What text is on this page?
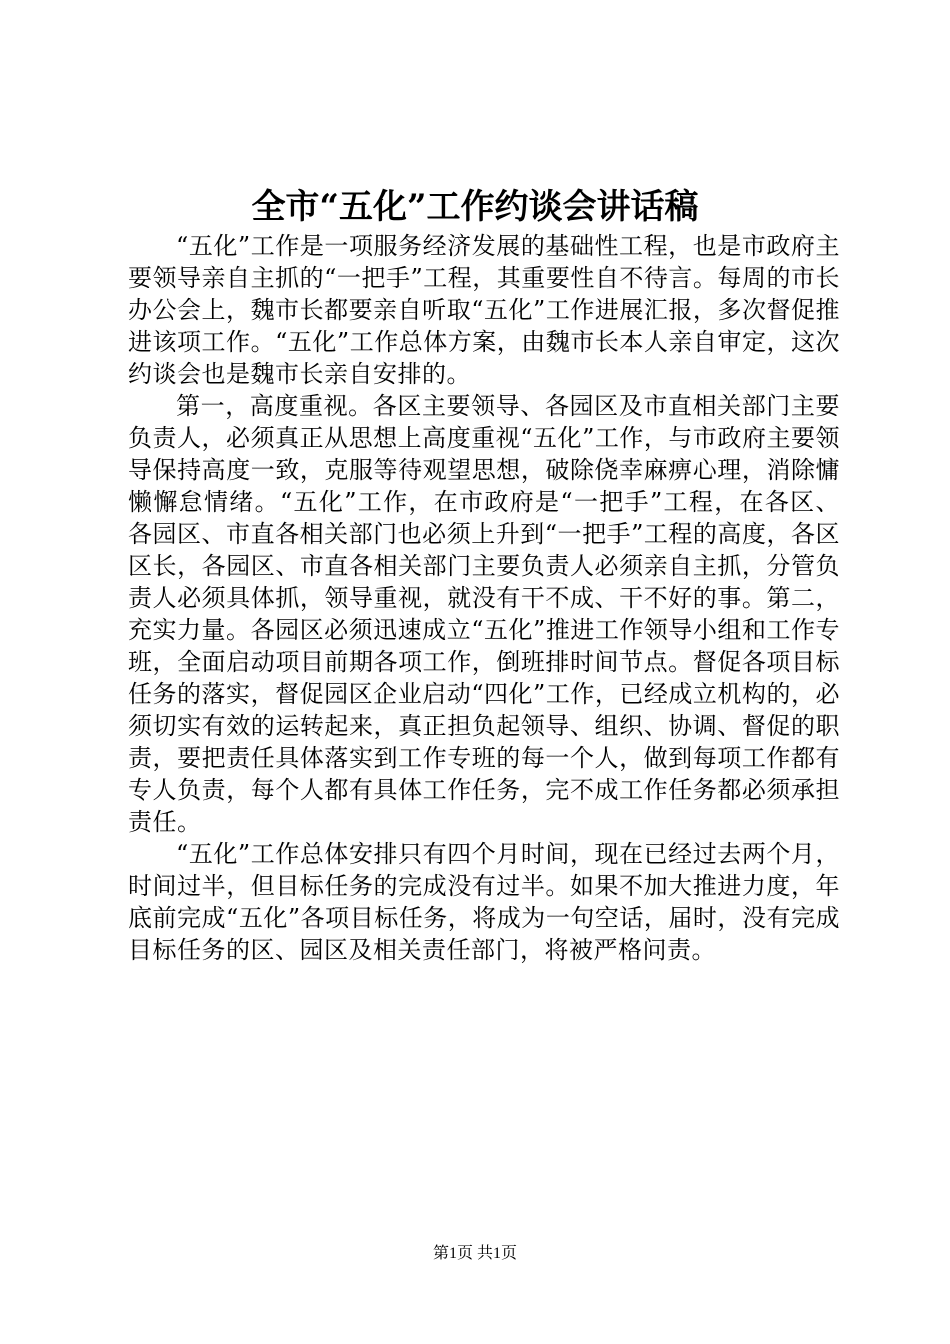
全市“五化”工作约谈会讲话稿

“五化”工作是一项服务经济发展的基础性工程，也是市政府主要领导亲自主抓的“一把手”工程，其重要性自不待言。每周的市长办公会上，魏市长都要亲自听取“五化”工作进展汇报，多次督促推进该项工作。“五化”工作总体方案，由魏市长本人亲自审定，这次约谈会也是魏市长亲自安排的。

第一，高度重视。各区主要领导、各园区及市直相关部门主要负责人，必须真正从思想上高度重视“五化”工作，与市政府主要领导保持高度一致，克服等待观望思想，破除侥幸麻痹心理，消除慵懒懈怠情绪。“五化”工作，在市政府是“一把手”工程，在各区、各园区、市直各相关部门也必须上升到“一把手”工程的高度，各区区长，各园区、市直各相关部门主要负责人必须亲自主抓，分管负责人必须具体抓，领导重视，就没有干不成、干不好的事。第二，充实力量。各园区必须迅速成立“五化”推进工作领导小组和工作专班，全面启动项目前期各项工作，倒班排时间节点。督促各项目标任务的落实，督促园区企业启动“四化”工作，已经成立机构的，必须切实有效的运转起来，真正担负起领导、组织、协调、督促的职责，要把责任具体落实到工作专班的每一个人，做到每项工作都有专人负责，每个人都有具体工作任务，完不成工作任务都必须承担责任。

“五化”工作总体安排只有四个月时间，现在已经过去两个月，时间过半，但目标任务的完成没有过半。如果不加大推进力度，年底前完成“五化”各项目标任务，将成为一句空话，届时，没有完成目标任务的区、园区及相关责任部门，将被严格问责。

第1页 共1页
